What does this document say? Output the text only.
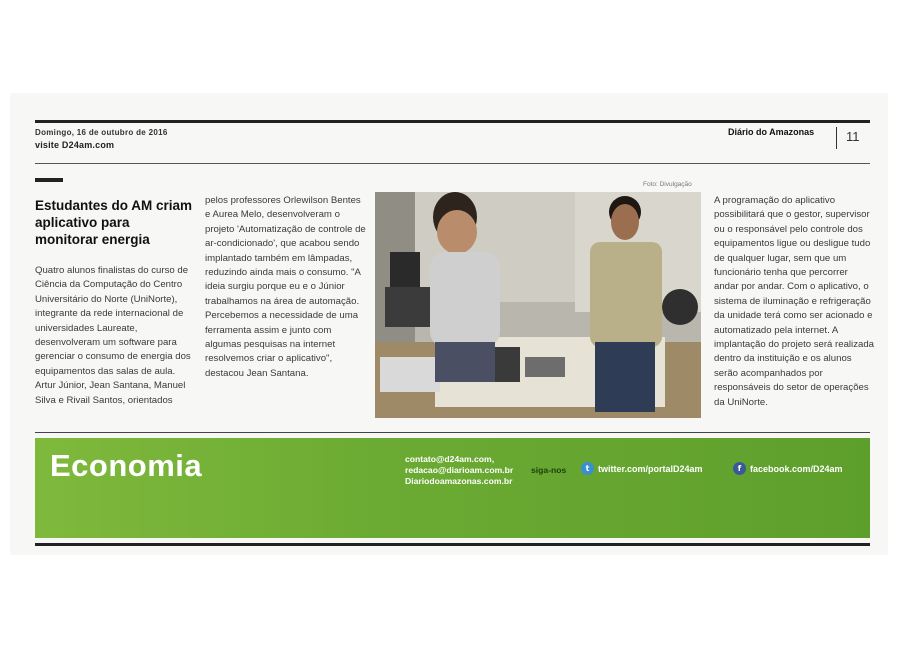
Domingo, 16 de outubro de 2016
visite D24am.com
Diário do Amazonas 11
Estudantes do AM criam aplicativo para monitorar energia
Quatro alunos finalistas do curso de Ciência da Computação do Centro Universitário do Norte (UniNorte), integrante da rede internacional de universidades Laureate, desenvolveram um software para gerenciar o consumo de energia dos equipamentos das salas de aula. Artur Júnior, Jean Santana, Manuel Silva e Rivail Santos, orientados
pelos professores Orlewilson Bentes e Aurea Melo, desenvolveram o projeto 'Automatização de controle de ar-condicionado', que acabou sendo implantado também em lâmpadas, reduzindo ainda mais o consumo. "A ideia surgiu porque eu e o Júnior trabalhamos na área de automação. Percebemos a necessidade de uma ferramenta assim e junto com algumas pesquisas na internet resolvemos criar o aplicativo", destacou Jean Santana.
A programação do aplicativo possibilitará que o gestor, supervisor ou o responsável pelo controle dos equipamentos ligue ou desligue tudo de qualquer lugar, sem que um funcionário tenha que percorrer andar por andar. Com o aplicativo, o sistema de iluminação e refrigeração da unidade terá como ser acionado e automatizado pela internet. A implantação do projeto será realizada dentro da instituição e os alunos serão acompanhados por responsáveis do setor de operações da UniNorte.
Foto: Divulgação
Economia	contato@d24am.com,
redacao@diarioam.com.br
Diariodoamazonas.com.br
siga-nos	t twitter.com/portalD24am	f facebook.com/D24am
